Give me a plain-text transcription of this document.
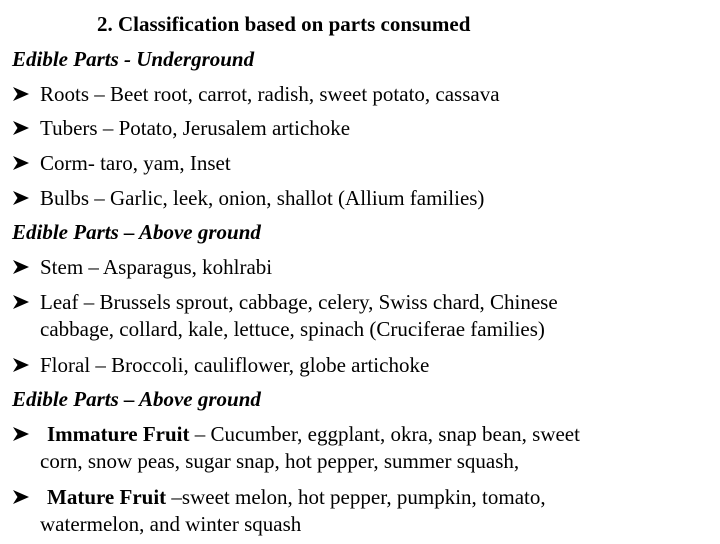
2. Classification based on parts consumed
Edible Parts - Underground
Roots – Beet root, carrot, radish, sweet potato, cassava
Tubers – Potato, Jerusalem artichoke
Corm- taro, yam, Inset
Bulbs – Garlic, leek, onion, shallot (Allium families)
Edible Parts – Above ground
Stem – Asparagus, kohlrabi
Leaf – Brussels sprout, cabbage, celery, Swiss chard, Chinese
cabbage, collard, kale, lettuce, spinach (Cruciferae families)
Floral – Broccoli, cauliflower, globe artichoke
Edible Parts – Above ground
Immature Fruit – Cucumber, eggplant, okra, snap bean, sweet
corn, snow peas, sugar snap, hot pepper, summer squash,
Mature Fruit –sweet melon, hot pepper, pumpkin, tomato,
watermelon, and winter squash
